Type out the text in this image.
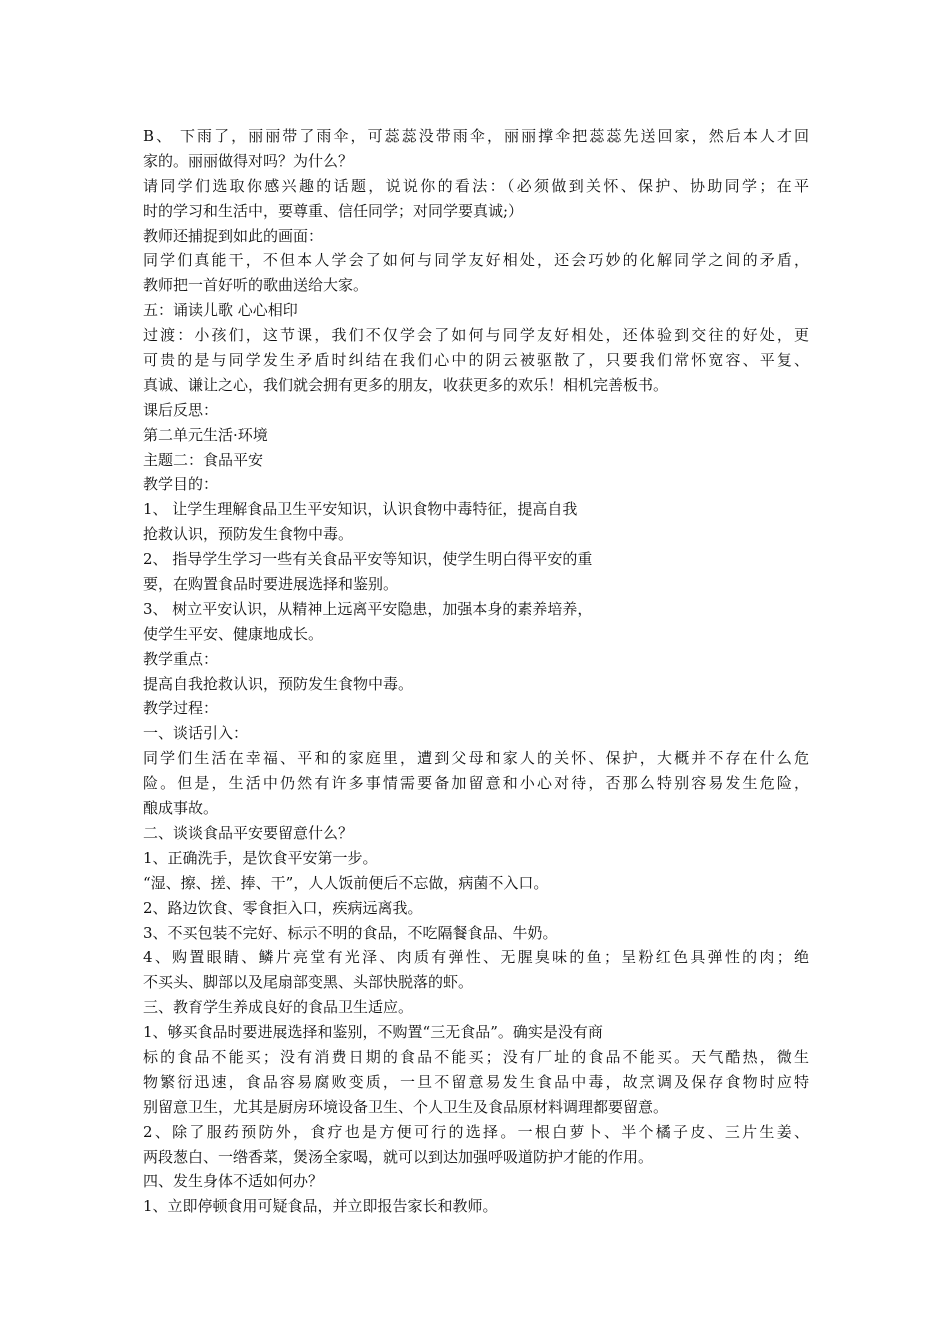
B、 下雨了，丽丽带了雨伞，可蕊蕊没带雨伞，丽丽撑伞把蕊蕊先送回家，然后本人才回
家的。丽丽做得对吗？为什么？
请同学们选取你感兴趣的话题，说说你的看法：（必须做到关怀、保护、协助同学；在平
时的学习和生活中，要尊重、信任同学；对同学要真诚;）
教师还捕捉到如此的画面：
同学们真能干，不但本人学会了如何与同学友好相处，还会巧妙的化解同学之间的矛盾，
教师把一首好听的歌曲送给大家。
五：诵读儿歌 心心相印
过渡：小孩们，这节课，我们不仅学会了如何与同学友好相处，还体验到交往的好处，更
可贵的是与同学发生矛盾时纠结在我们心中的阴云被驱散了，只要我们常怀宽容、平复、
真诚、谦让之心，我们就会拥有更多的朋友，收获更多的欢乐！相机完善板书。
课后反思：
第二单元生活·环境
主题二：食品平安
教学目的：
1、 让学生理解食品卫生平安知识，认识食物中毒特征，提高自我
抢救认识，预防发生食物中毒。
2、 指导学生学习一些有关食品平安等知识，使学生明白得平安的重
要，在购置食品时要进展选择和鉴别。
3、 树立平安认识，从精神上远离平安隐患，加强本身的素养培养，
使学生平安、健康地成长。
教学重点：
提高自我抢救认识，预防发生食物中毒。
教学过程：
一、谈话引入：
同学们生活在幸福、平和的家庭里，遭到父母和家人的关怀、保护，大概并不存在什么危
险。但是，生活中仍然有许多事情需要备加留意和小心对待，否那么特别容易发生危险，
酿成事故。
二、谈谈食品平安要留意什么？
1、正确洗手，是饮食平安第一步。
“湿、擦、搓、捧、干”，人人饭前便后不忘做，病菌不入口。
2、路边饮食、零食拒入口，疾病远离我。
3、不买包装不完好、标示不明的食品，不吃隔餐食品、牛奶。
4、购置眼睛、鳞片亮堂有光泽、肉质有弹性、无腥臭味的鱼；呈粉红色具弹性的肉；绝
不买头、脚部以及尾扇部变黑、头部快脱落的虾。
三、教育学生养成良好的食品卫生适应。
1、够买食品时要进展选择和鉴别，不购置“三无食品”。确实是没有商
标的食品不能买；没有消费日期的食品不能买；没有厂址的食品不能买。天气酷热，微生
物繁衍迅速，食品容易腐败变质，一旦不留意易发生食品中毒，故烹调及保存食物时应特
别留意卫生，尤其是厨房环境设备卫生、个人卫生及食品原材料调理都要留意。
2、除了服药预防外，食疗也是方便可行的选择。一根白萝卜、半个橘子皮、三片生姜、
两段葱白、一绺香菜，煲汤全家喝，就可以到达加强呼吸道防护才能的作用。
四、发生身体不适如何办？
1、立即停顿食用可疑食品，并立即报告家长和教师。
